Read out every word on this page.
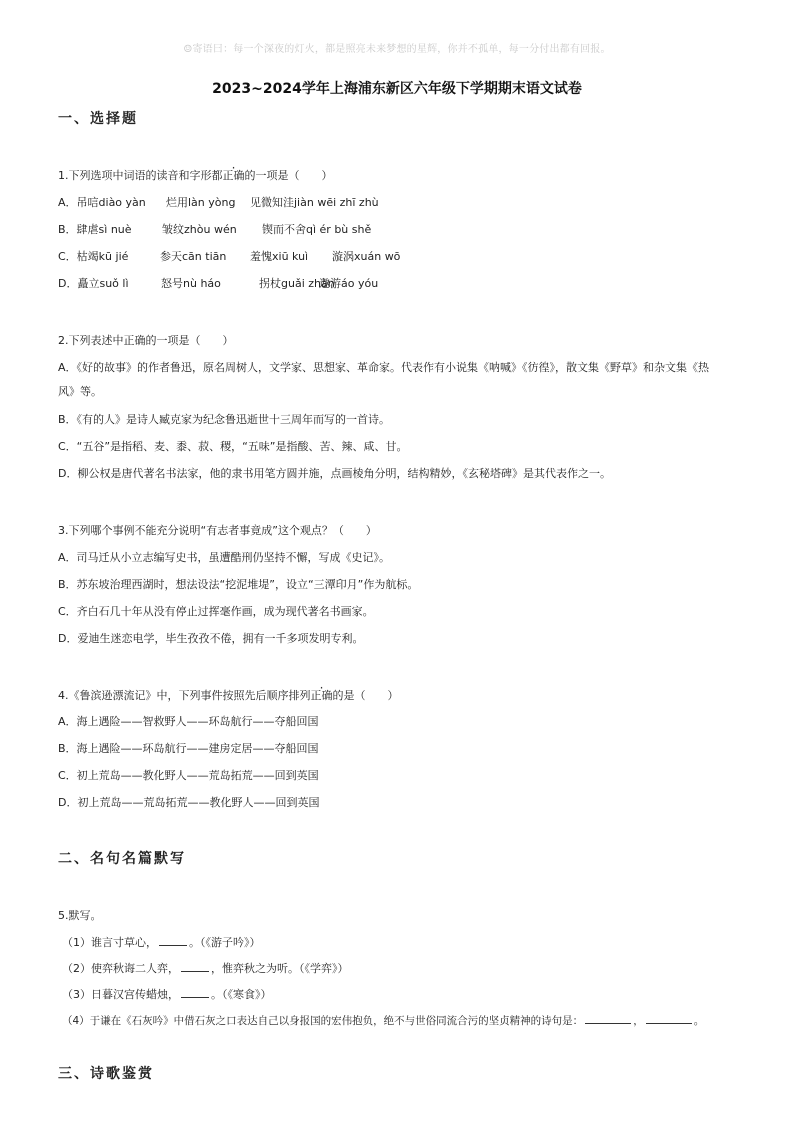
☺寄语曰：每一个深夜的灯火，都是照亮未来梦想的星辉，你并不孤单，每一分付出都有回报。
2023~2024学年上海浦东新区六年级下学期期末语文试卷
一、选择题
1.下列选项中词语的读音和字形都正确的一项是（　　）
A．吊唁diào yàn 烂用làn yòng 见微知洼jiàn wēi zhī zhù
B．肆虐sì nuè	皱纹zhòu wén 锲而不舍qì ér bù shě
C．枯竭kū jié	参天cān tiān 羞愧xiū kuì 漩涡xuán wō
D．矗立suǒ lì	怒号nù háo	拐杖guǎi zhàn遨游áo yóu
2.下列表述中正确的一项是（　　）
A．《好的故事》的作者鲁迅，原名周树人，文学家、思想家、革命家。代表作有小说集《呐喊》《彷徨》，散文集《野草》和杂文集《热
风》等。
B．《有的人》是诗人臧克家为纪念鲁迅逝世十三周年而写的一首诗。
C．“五谷”是指稻、麦、黍、菽、稷，“五味”是指酸、苦、辣、咸、甘。
D．柳公权是唐代著名书法家，他的隶书用笔方圆并施，点画棱角分明，结构精妙，《玄秘塔碑》是其代表作之一。
3.下列哪个事例不能充分说明“有志者事竟成”这个观点？（　　）
A．司马迁从小立志编写史书，虽遭酷刑仍坚持不懈，写成《史记》。
B．苏东坡治理西湖时，想法设法“挖泥堆堤”，设立“三潭印月”作为航标。
C．齐白石几十年从没有停止过挥毫作画，成为现代著名书画家。
D．爱迪生迷恋电学，毕生孜孜不倦，拥有一千多项发明专利。
4.《鲁滨逊漂流记》中，下列事件按照先后顺序排列正确的是（　　）
A．海上遇险——智救野人——环岛航行——夺船回国
B．海上遇险——环岛航行——建房定居——夺船回国
C．初上荒岛——教化野人——荒岛拓荒——回到英国
D．初上荒岛——荒岛拓荒——教化野人——回到英国
二、名句名篇默写
5.默写。
（1）谁言寸草心，	。（《游子吟》）
（2）使弈秋诲二人弈，	，惟弈秋之为听。（《学弈》）
（3）日暮汉宫传蜡烛，	。（《寒食》）
（4）于谦在《石灰吟》中借石灰之口表达自己以身报国的宏伟抱负，绝不与世俗同流合污的坚贞精神的诗句是：	，	。
三、诗歌鉴赏
